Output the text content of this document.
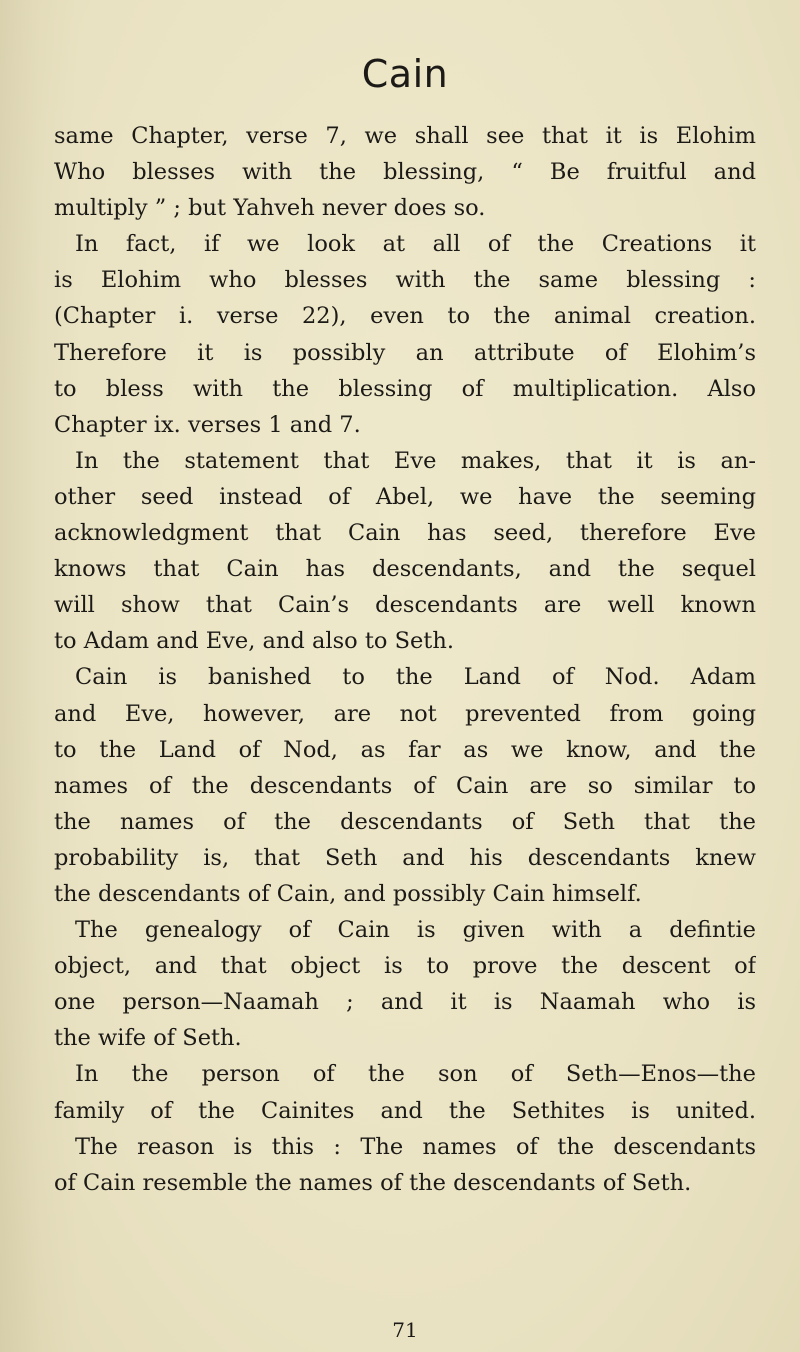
Cain
same Chapter, verse 7, we shall see that it is Elohim
Who blesses with the blessing, “ Be fruitful and
multiply ” ; but Yahveh never does so.
In fact, if we look at all of the Creations it
is Elohim who blesses with the same blessing :
(Chapter i. verse 22), even to the animal creation.
Therefore it is possibly an attribute of Elohim’s
to bless with the blessing of multiplication. Also
Chapter ix. verses 1 and 7.
In the statement that Eve makes, that it is an-
other seed instead of Abel, we have the seeming
acknowledgment that Cain has seed, therefore Eve
knows that Cain has descendants, and the sequel
will show that Cain’s descendants are well known
to Adam and Eve, and also to Seth.
Cain is banished to the Land of Nod. Adam
and Eve, however, are not prevented from going
to the Land of Nod, as far as we know, and the
names of the descendants of Cain are so similar to
the names of the descendants of Seth that the
probability is, that Seth and his descendants knew
the descendants of Cain, and possibly Cain himself.
The genealogy of Cain is given with a defintie
object, and that object is to prove the descent of
one person—Naamah ; and it is Naamah who is
the wife of Seth.
In the person of the son of Seth—Enos—the
family of the Cainites and the Sethites is united.
The reason is this : The names of the descendants
of Cain resemble the names of the descendants of Seth.
71
